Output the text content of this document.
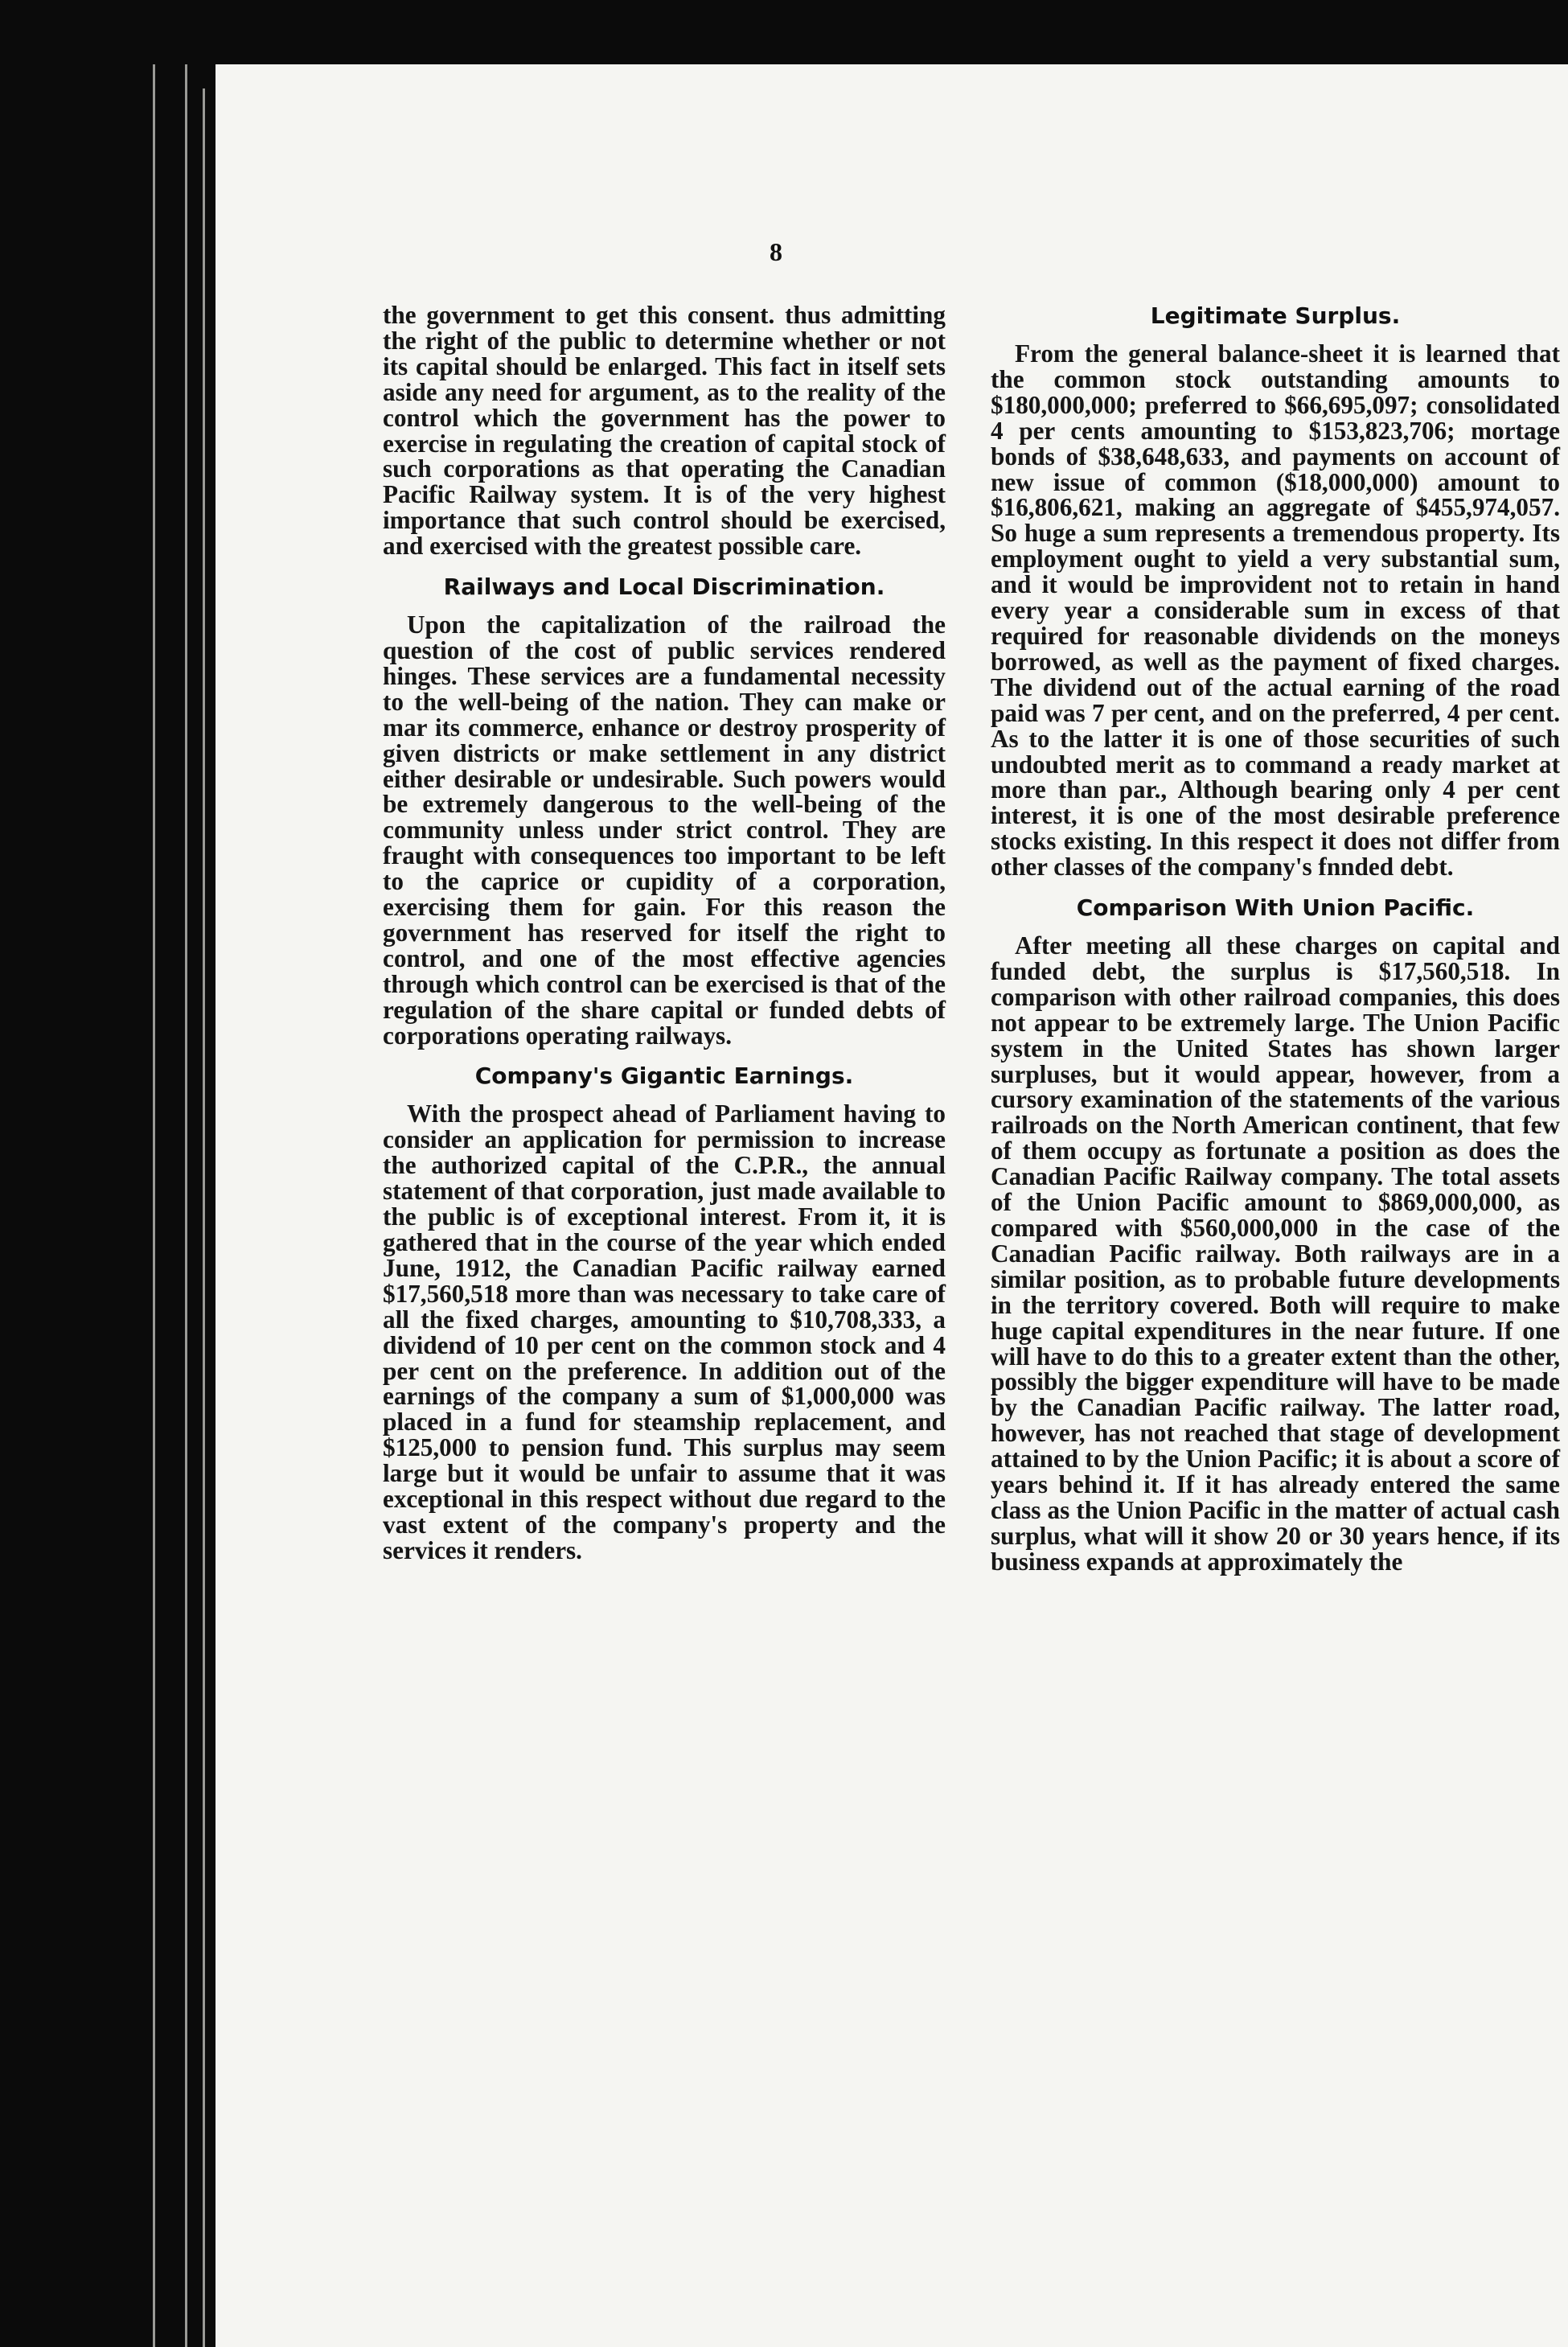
8

the government to get this consent. thus admitting the right of the public to determine whether or not its capital should be enlarged. This fact in itself sets aside any need for argument, as to the reality of the control which the government has the power to exercise in regulating the creation of capital stock of such corporations as that operating the Canadian Pacific Railway system. It is of the very highest importance that such control should be exercised, and exercised with the greatest possible care.

Railways and Local Discrimination.

Upon the capitalization of the railroad the question of the cost of public services rendered hinges. These services are a fundamental necessity to the well-being of the nation. They can make or mar its commerce, enhance or destroy prosperity of given districts or make settlement in any district either desirable or undesirable. Such powers would be extremely dangerous to the well-being of the community unless under strict control. They are fraught with consequences too important to be left to the caprice or cupidity of a corporation, exercising them for gain. For this reason the government has reserved for itself the right to control, and one of the most effective agencies through which control can be exercised is that of the regulation of the share capital or funded debts of corporations operating railways.

Company's Gigantic Earnings.

With the prospect ahead of Parliament having to consider an application for permission to increase the authorized capital of the C.P.R., the annual statement of that corporation, just made available to the public is of exceptional interest. From it, it is gathered that in the course of the year which ended June, 1912, the Canadian Pacific railway earned $17,560,518 more than was necessary to take care of all the fixed charges, amounting to $10,708,333, a dividend of 10 per cent on the common stock and 4 per cent on the preference. In addition out of the earnings of the company a sum of $1,000,000 was placed in a fund for steamship replacement, and $125,000 to pension fund. This surplus may seem large but it would be unfair to assume that it was exceptional in this respect without due regard to the vast extent of the company's property and the services it renders.

Legitimate Surplus.

From the general balance-sheet it is learned that the common stock outstanding amounts to $180,000,000; preferred to $66,695,097; consolidated 4 per cents amounting to $153,823,706; mortage bonds of $38,648,633, and payments on account of new issue of common ($18,000,000) amount to $16,806,621, making an aggregate of $455,974,057. So huge a sum represents a tremendous property. Its employment ought to yield a very substantial sum, and it would be improvident not to retain in hand every year a considerable sum in excess of that required for reasonable dividends on the moneys borrowed, as well as the payment of fixed charges. The dividend out of the actual earning of the road paid was 7 per cent, and on the preferred, 4 per cent. As to the latter it is one of those securities of such undoubted merit as to command a ready market at more than par., Although bearing only 4 per cent interest, it is one of the most desirable preference stocks existing. In this respect it does not differ from other classes of the company's fnnded debt.

Comparison With Union Pacific.

After meeting all these charges on capital and funded debt, the surplus is $17,560,518. In comparison with other railroad companies, this does not appear to be extremely large. The Union Pacific system in the United States has shown larger surpluses, but it would appear, however, from a cursory examination of the statements of the various railroads on the North American continent, that few of them occupy as fortunate a position as does the Canadian Pacific Railway company. The total assets of the Union Pacific amount to $869,000,000, as compared with $560,000,000 in the case of the Canadian Pacific railway. Both railways are in a similar position, as to probable future developments in the territory covered. Both will require to make huge capital expenditures in the near future. If one will have to do this to a greater extent than the other, possibly the bigger expenditure will have to be made by the Canadian Pacific railway. The latter road, however, has not reached that stage of development attained to by the Union Pacific; it is about a score of years behind it. If it has already entered the same class as the Union Pacific in the matter of actual cash surplus, what will it show 20 or 30 years hence, if its business expands at approximately the
